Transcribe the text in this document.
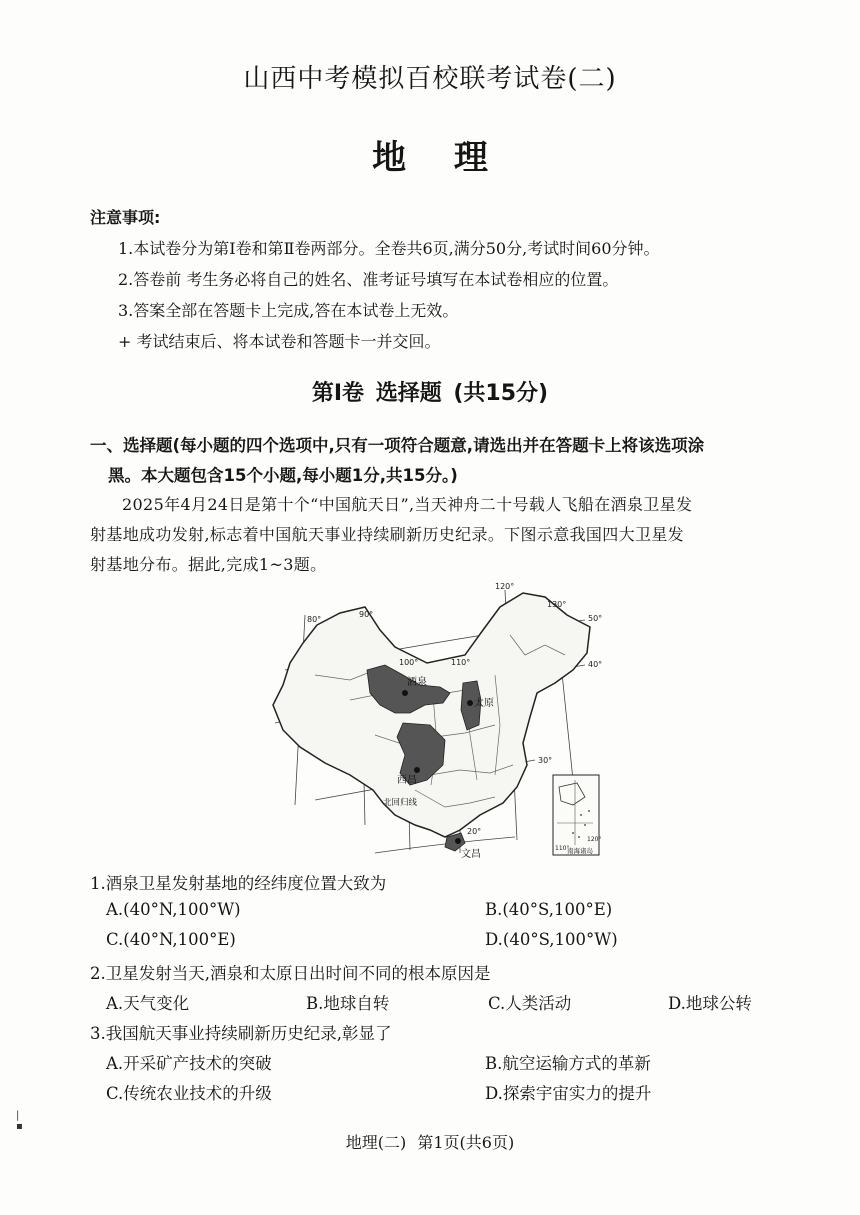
山西中考模拟百校联考试卷(二)
地 理
注意事项:
1.本试卷分为第Ⅰ卷和第Ⅱ卷两部分。全卷共6页,满分50分,考试时间60分钟。
2.答卷前 考生务必将自己的姓名、准考证号填写在本试卷相应的位置。
3.答案全部在答题卡上完成,答在本试卷上无效。
+ 考试结束后、将本试卷和答题卡一并交回。
第Ⅰ卷 选择题 (共15分)
一、选择题(每小题的四个选项中,只有一项符合题意,请选出并在答题卡上将该选项涂
黑。本大题包含15个小题,每小题1分,共15分。)
2025年4月24日是第十个“中国航天日”,当天神舟二十号载人飞船在酒泉卫星发
射基地成功发射,标志着中国航天事业持续刷新历史纪录。下图示意我国四大卫星发
射基地分布。据此,完成1~3题。
酒泉
太原
西昌
文昌
北回归线
80°
90°
100°	110°
120°
130°
50°
40°
30°
20°
110°
120°
南海诸岛
1.酒泉卫星发射基地的经纬度位置大致为
A.(40°N,100°W)	B.(40°S,100°E)
C.(40°N,100°E)	D.(40°S,100°W)
2.卫星发射当天,酒泉和太原日出时间不同的根本原因是
A.天气变化	B.地球自转	C.人类活动	D.地球公转
3.我国航天事业持续刷新历史纪录,彰显了
A.开采矿产技术的突破	B.航空运输方式的革新
C.传统农业技术的升级	D.探索宇宙实力的提升
|
▪
地理(二) 第1页(共6页)
